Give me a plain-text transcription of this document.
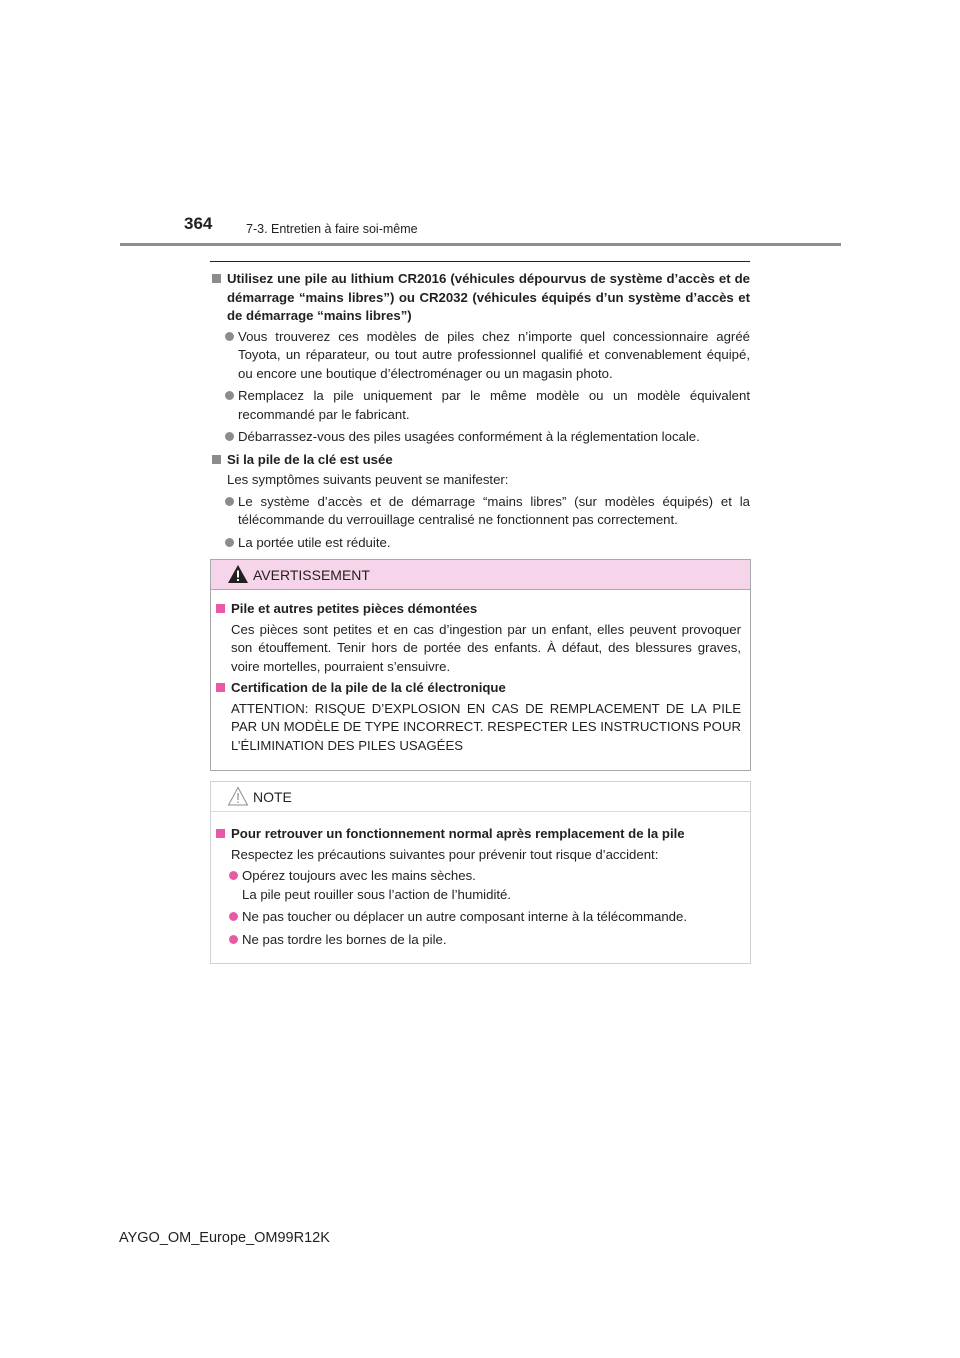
364	7-3. Entretien à faire soi-même
Utilisez une pile au lithium CR2016 (véhicules dépourvus de système d’accès et de démarrage “mains libres”) ou CR2032 (véhicules équipés d’un système d’accès et de démarrage “mains libres”)
Vous trouverez ces modèles de piles chez n’importe quel concessionnaire agréé Toyota, un réparateur, ou tout autre professionnel qualifié et convenablement équipé, ou encore une boutique d’électroménager ou un magasin photo.
Remplacez la pile uniquement par le même modèle ou un modèle équivalent recommandé par le fabricant.
Débarrassez-vous des piles usagées conformément à la réglementation locale.
Si la pile de la clé est usée
Les symptômes suivants peuvent se manifester:
Le système d’accès et de démarrage “mains libres” (sur modèles équipés) et la télécommande du verrouillage centralisé ne fonctionnent pas correctement.
La portée utile est réduite.
AVERTISSEMENT
Pile et autres petites pièces démontées
Ces pièces sont petites et en cas d’ingestion par un enfant, elles peuvent provoquer son étouffement. Tenir hors de portée des enfants. À défaut, des blessures graves, voire mortelles, pourraient s’ensuivre.
Certification de la pile de la clé électronique
ATTENTION: RISQUE D’EXPLOSION EN CAS DE REMPLACEMENT DE LA PILE PAR UN MODÈLE DE TYPE INCORRECT. RESPECTER LES INSTRUCTIONS POUR L’ÉLIMINATION DES PILES USAGÉES
NOTE
Pour retrouver un fonctionnement normal après remplacement de la pile
Respectez les précautions suivantes pour prévenir tout risque d’accident:
Opérez toujours avec les mains sèches.
La pile peut rouiller sous l’action de l’humidité.
Ne pas toucher ou déplacer un autre composant interne à la télécommande.
Ne pas tordre les bornes de la pile.
AYGO_OM_Europe_OM99R12K
